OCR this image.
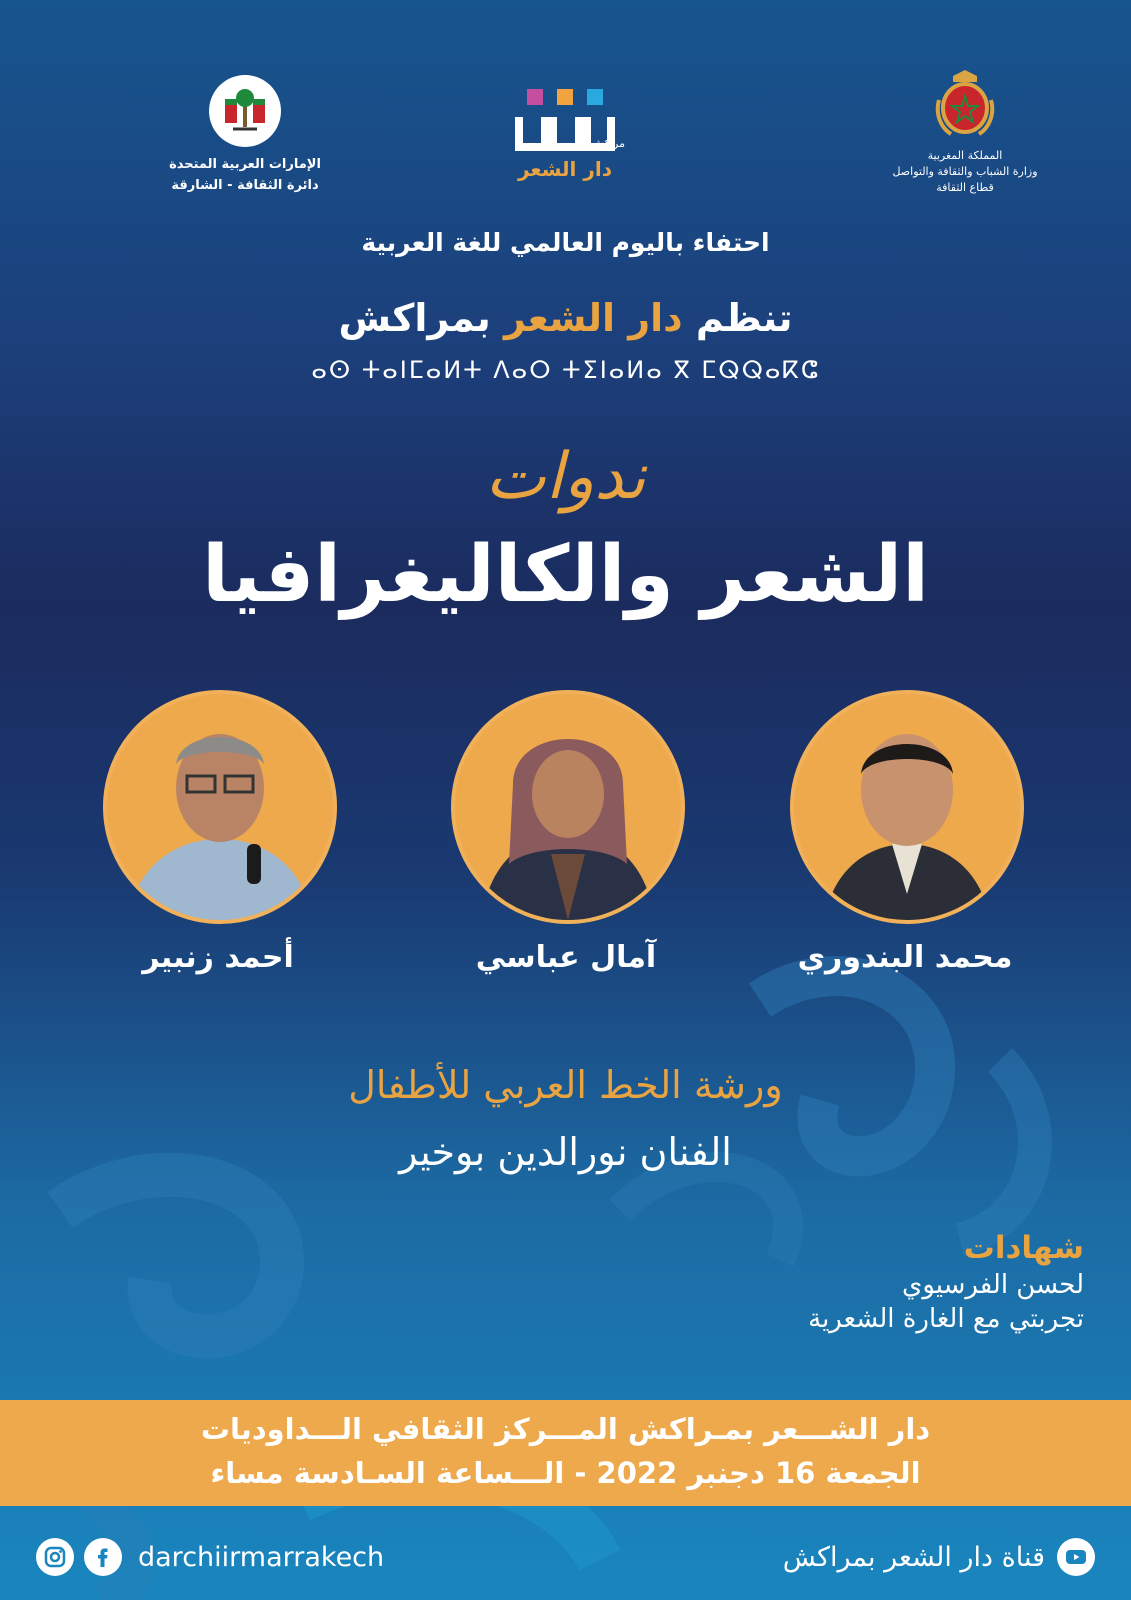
الإمارات العربية المتحدة
دائرة الثقافة - الشارقة
مراكش
دار الشعر
المملكة المغربية
وزارة الشباب والثقافة والتواصل
قطاع الثقافة
احتفاء باليوم العالمي للغة العربية
تنظم دار الشعر بمراكش
ⴰⵙ ⵜⴰⵏⵎⴰⵍⵜ ⴷⴰⵔ ⵜⵉⵏⴰⵍⴰ ⴳ ⵎⵕⵕⴰⴽⵛ
ندوات
الشعر والكاليغرافيا
محمد البندوري
آمال عباسي
أحمد زنبير
ورشة الخط العربي للأطفال
الفنان نورالدين بوخير
شهادات
لحسن الفرسيوي
تجربتي مع الغارة الشعرية
دار الشـــعر بمـراكش المـــركز الثقافي الـــداوديات
الجمعة 16 دجنبر 2022 - الـــساعة السـادسة مساء
darchiirmarrakech	قناة دار الشعر بمراكش
